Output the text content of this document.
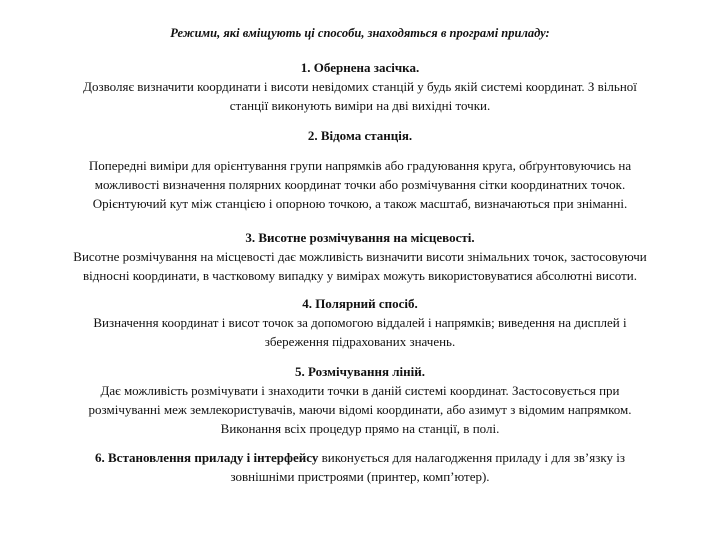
Режими, які вміщують ці способи, знаходяться в програмі приладу:
1. Обернена засічка.
Дозволяє визначити координати і висоти невідомих станцій у будь якій системі координат. З вільної
станції виконують виміри на дві вихідні точки.
2. Відома станція.
Попередні виміри для орієнтування групи напрямків або градуювання круга, обґрунтовуючись на
можливості визначення полярних координат точки або розмічування сітки координатних точок.
Орієнтуючий кут між станцією і опорною точкою, а також масштаб, визначаються при зніманні.
3. Висотне розмічування на місцевості.
Висотне розмічування на місцевості дає можливість визначити висоти знімальних точок, застосовуючи
відносні координати, в частковому випадку у вимірах можуть використовуватися абсолютні висоти.
4. Полярний спосіб.
Визначення координат і висот точок за допомогою віддалей і напрямків; виведення на дисплей і
збереження підрахованих значень.
5. Розмічування ліній.
Дає можливість розмічувати і знаходити точки в даній системі координат. Застосовується при
розмічуванні меж землекористувачів, маючи відомі координати, або азимут з відомим напрямком.
Виконання всіх процедур прямо на станції, в полі.
6. Встановлення приладу і інтерфейсу виконується для налагодження приладу і для зв’язку із
зовнішніми пристроями (принтер, комп’ютер).
